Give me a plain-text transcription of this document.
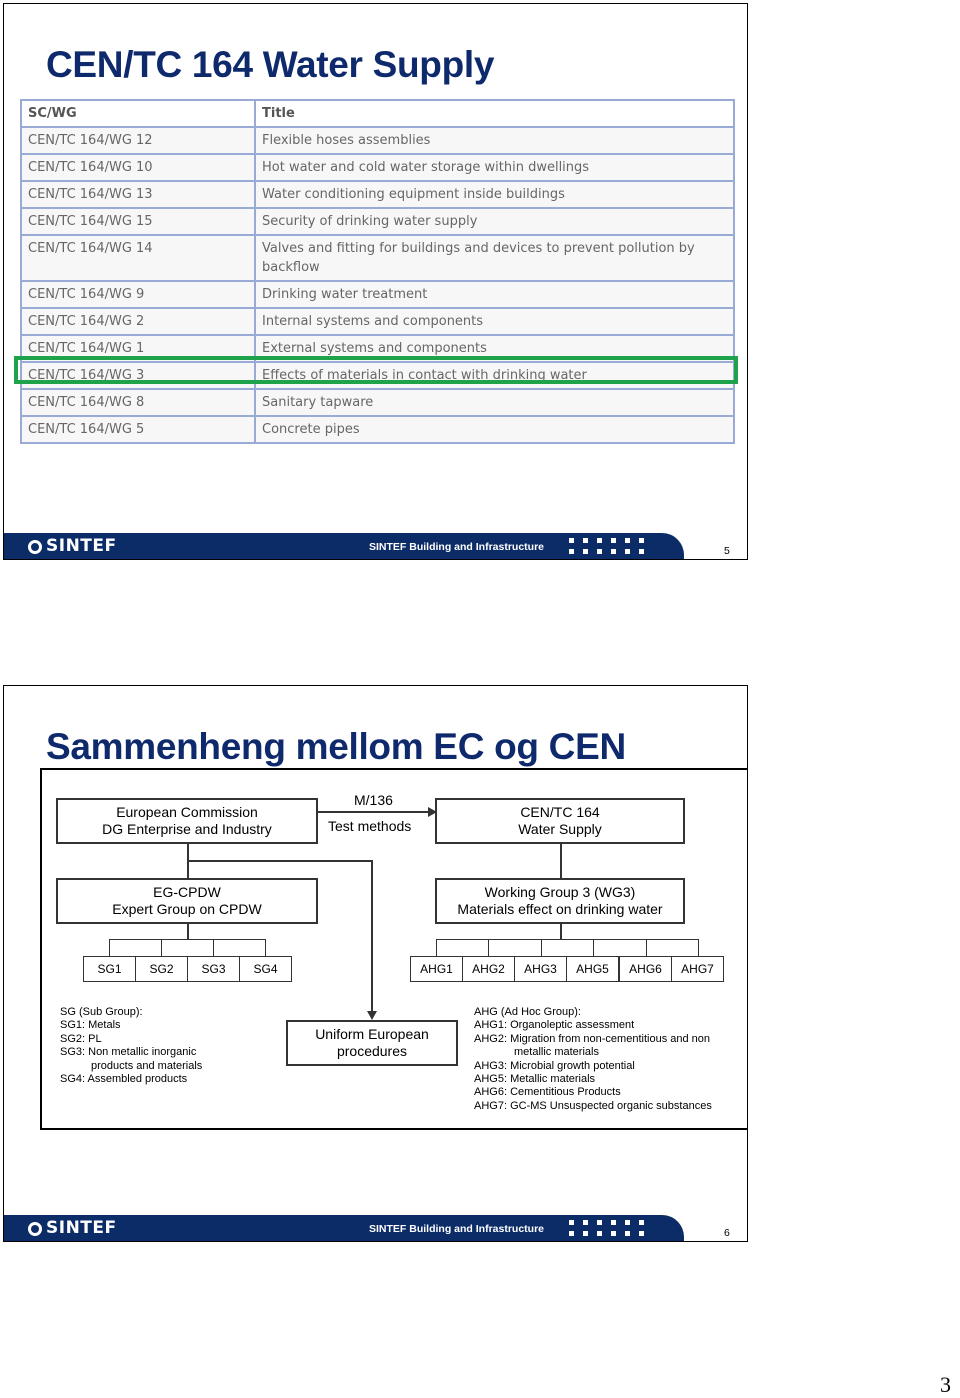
CEN/TC 164 Water Supply
SC/WG	Title
CEN/TC 164/WG 12	Flexible hoses assemblies
CEN/TC 164/WG 10	Hot water and cold water storage within dwellings
CEN/TC 164/WG 13	Water conditioning equipment inside buildings
CEN/TC 164/WG 15	Security of drinking water supply
CEN/TC 164/WG 14	Valves and fitting for buildings and devices to prevent pollution by backflow
CEN/TC 164/WG 9	Drinking water treatment
CEN/TC 164/WG 2	Internal systems and components
CEN/TC 164/WG 1	External systems and components
CEN/TC 164/WG 3	Effects of materials in contact with drinking water
CEN/TC 164/WG 8	Sanitary tapware
CEN/TC 164/WG 5	Concrete pipes
SINTEF	SINTEF Building and Infrastructure	5
Sammenheng mellom EC og CEN
European Commission
DG Enterprise and Industry
M/136
Test methods
CEN/TC 164
Water Supply
EG-CPDW
Expert Group on CPDW
Working Group 3 (WG3)
Materials effect on drinking water
SG1	SG2	SG3	SG4	AHG1	AHG2	AHG3	AHG5	AHG6	AHG7
SG (Sub Group):
SG1: Metals
SG2: PL
SG3: Non metallic inorganic
products and materials
SG4: Assembled products
Uniform European
procedures
AHG (Ad Hoc Group):
AHG1: Organoleptic assessment
AHG2: Migration from non-cementitious and non
metallic materials
AHG3: Microbial growth potential
AHG5: Metallic materials
AHG6: Cementitious Products
AHG7: GC-MS Unsuspected organic substances
SINTEF	SINTEF Building and Infrastructure	6
3
